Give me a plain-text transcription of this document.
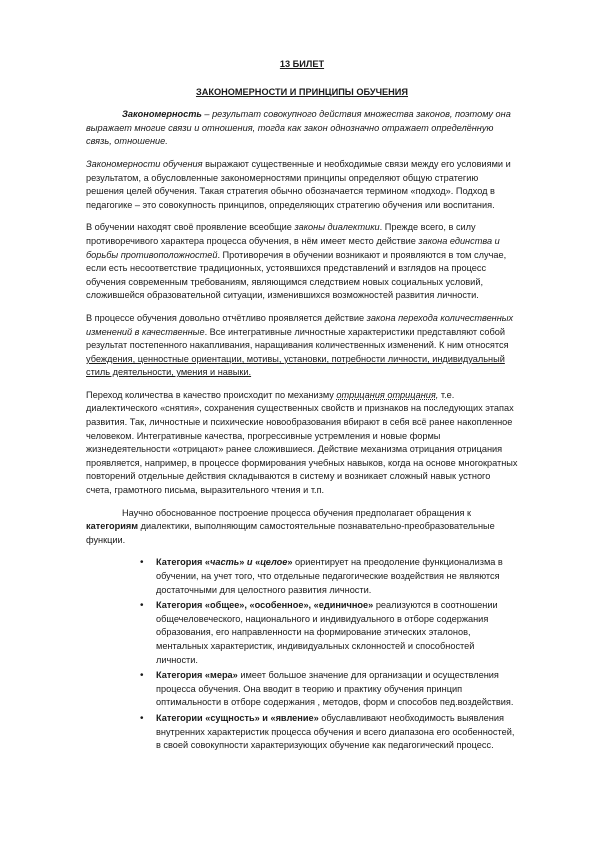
13 БИЛЕТ

ЗАКОНОМЕРНОСТИ И ПРИНЦИПЫ ОБУЧЕНИЯ

Закономерность – результат совокупного действия множества законов, поэтому она выражает многие связи и отношения, тогда как закон однозначно отражает определённую связь, отношение.

Закономерности обучения выражают существенные и необходимые связи между его условиями и результатом, а обусловленные закономерностями принципы определяют общую стратегию решения целей обучения. Такая стратегия обычно обозначается термином «подход». Подход в педагогике – это совокупность принципов, определяющих стратегию обучения или воспитания.

В обучении находят своё проявление всеобщие законы диалектики. Прежде всего, в силу противоречивого характера процесса обучения, в нём имеет место действие закона единства и борьбы противоположностей. Противоречия в обучении возникают и проявляются в том случае, если есть несоответствие традиционных, устоявшихся представлений и взглядов на процесс обучения современным требованиям, являющимся следствием новых социальных условий, сложившейся образовательной ситуации, изменившихся возможностей развития личности.

В процессе обучения довольно отчётливо проявляется действие закона перехода количественных изменений в качественные. Все интегративные личностные характеристики представляют собой результат постепенного накапливания, наращивания количественных изменений. К ним относятся убеждения, ценностные ориентации, мотивы, установки, потребности личности, индивидуальный стиль деятельности, умения и навыки.

Переход количества в качество происходит по механизму отрицания отрицания, т.е. диалектического «снятия», сохранения существенных свойств и признаков на последующих этапах развития. Так, личностные и психические новообразования вбирают в себя всё ранее накопленное человеком. Интегративные качества, прогрессивные устремления и новые формы жизнедеятельности «отрицают» ранее сложившиеся. Действие механизма отрицания отрицания проявляется, например, в процессе формирования учебных навыков, когда на основе многократных повторений отдельные действия складываются в систему и возникает сложный навык устного счета, грамотного письма, выразительного чтения и т.п.

Научно обоснованное построение процесса обучения предполагает обращения к категориям диалектики, выполняющим самостоятельные познавательно-преобразовательные функции.

• Категория «часть» и «целое» ориентирует на преодоление функционализма в обучении, на учет того, что отдельные педагогические воздействия не являются достаточными для целостного развития личности.
• Категория «общее», «особенное», «единичное» реализуются в соотношении общечеловеческого, национального и индивидуального в отборе содержания образования, его направленности на формирование этических эталонов, ментальных характеристик, индивидуальных склонностей и способностей личности.
• Категория «мера» имеет большое значение для организации и осуществления процесса обучения. Она вводит в теорию и практику обучения принцип оптимальности в отборе содержания , методов, форм и способов пед.воздействия.
• Категории «сущность» и «явление» обуславливают необходимость выявления внутренних характеристик процесса обучения и всего диапазона его особенностей, в своей совокупности характеризующих обучение как педагогический процесс.
